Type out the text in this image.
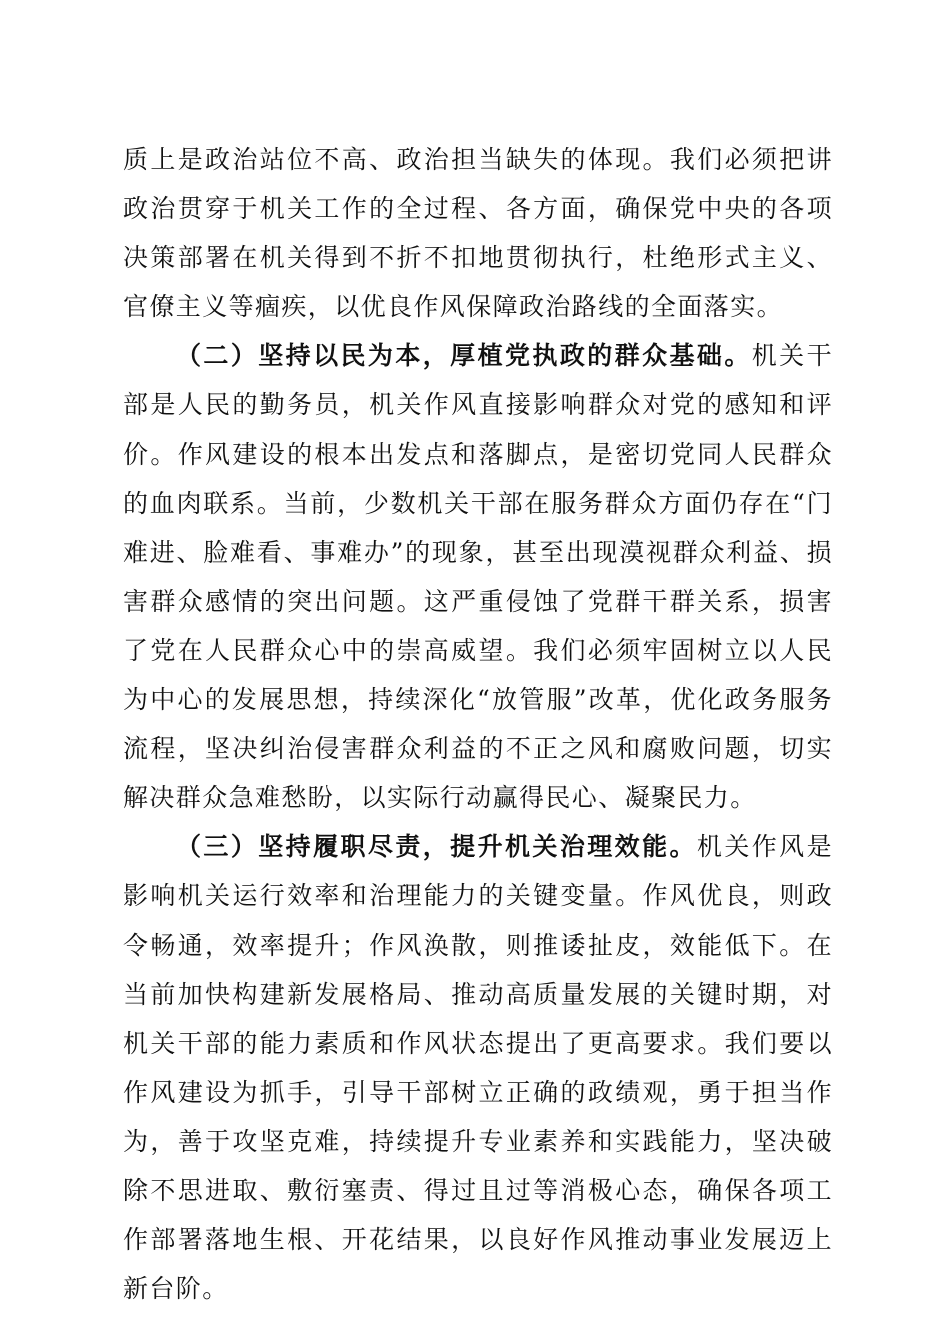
质上是政治站位不高、政治担当缺失的体现。我们必须把讲政治贯穿于机关工作的全过程、各方面，确保党中央的各项决策部署在机关得到不折不扣地贯彻执行，杜绝形式主义、官僚主义等痼疾，以优良作风保障政治路线的全面落实。

（二）坚持以民为本，厚植党执政的群众基础。机关干部是人民的勤务员，机关作风直接影响群众对党的感知和评价。作风建设的根本出发点和落脚点，是密切党同人民群众的血肉联系。当前，少数机关干部在服务群众方面仍存在“门难进、脸难看、事难办”的现象，甚至出现漠视群众利益、损害群众感情的突出问题。这严重侵蚀了党群干群关系，损害了党在人民群众心中的崇高威望。我们必须牢固树立以人民为中心的发展思想，持续深化“放管服”改革，优化政务服务流程，坚决纠治侵害群众利益的不正之风和腐败问题，切实解决群众急难愁盼，以实际行动赢得民心、凝聚民力。

（三）坚持履职尽责，提升机关治理效能。机关作风是影响机关运行效率和治理能力的关键变量。作风优良，则政令畅通，效率提升；作风涣散，则推诿扯皮，效能低下。在当前加快构建新发展格局、推动高质量发展的关键时期，对机关干部的能力素质和作风状态提出了更高要求。我们要以作风建设为抓手，引导干部树立正确的政绩观，勇于担当作为，善于攻坚克难，持续提升专业素养和实践能力，坚决破除不思进取、敷衍塞责、得过且过等消极心态，确保各项工作部署落地生根、开花结果，以良好作风推动事业发展迈上新台阶。
